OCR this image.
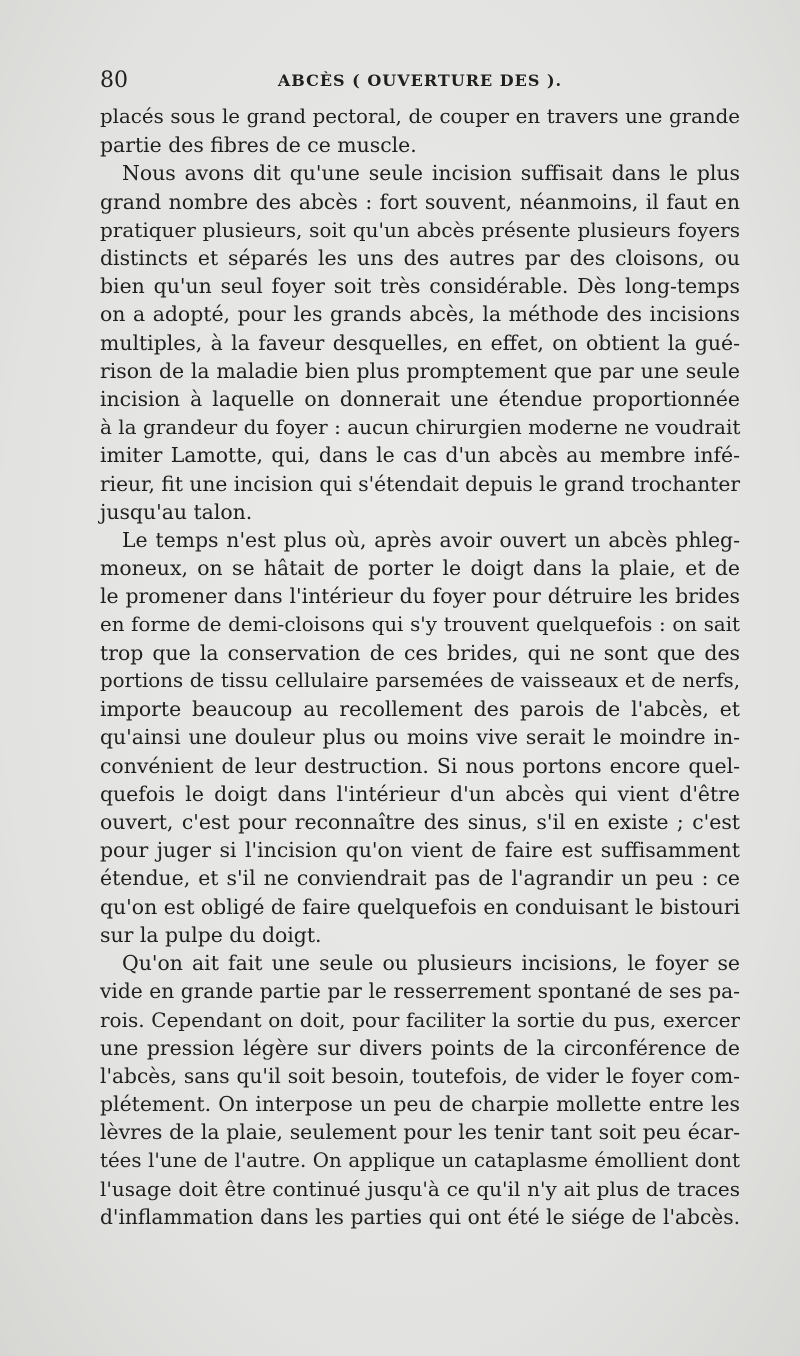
80	ABCÈS ( OUVERTURE DES ).

placés sous le grand pectoral, de couper en travers une grande
partie des fibres de ce muscle.

Nous avons dit qu'une seule incision suffisait dans le plus
grand nombre des abcès : fort souvent, néanmoins, il faut en
pratiquer plusieurs, soit qu'un abcès présente plusieurs foyers
distincts et séparés les uns des autres par des cloisons, ou
bien qu'un seul foyer soit très considérable. Dès long-temps
on a adopté, pour les grands abcès, la méthode des incisions
multiples, à la faveur desquelles, en effet, on obtient la gué-
rison de la maladie bien plus promptement que par une seule
incision à laquelle on donnerait une étendue proportionnée
à la grandeur du foyer : aucun chirurgien moderne ne voudrait
imiter Lamotte, qui, dans le cas d'un abcès au membre infé-
rieur, fit une incision qui s'étendait depuis le grand trochanter
jusqu'au talon.

Le temps n'est plus où, après avoir ouvert un abcès phleg-
moneux, on se hâtait de porter le doigt dans la plaie, et de
le promener dans l'intérieur du foyer pour détruire les brides
en forme de demi-cloisons qui s'y trouvent quelquefois : on sait
trop que la conservation de ces brides, qui ne sont que des
portions de tissu cellulaire parsemées de vaisseaux et de nerfs,
importe beaucoup au recollement des parois de l'abcès, et
qu'ainsi une douleur plus ou moins vive serait le moindre in-
convénient de leur destruction. Si nous portons encore quel-
quefois le doigt dans l'intérieur d'un abcès qui vient d'être
ouvert, c'est pour reconnaître des sinus, s'il en existe ; c'est
pour juger si l'incision qu'on vient de faire est suffisamment
étendue, et s'il ne conviendrait pas de l'agrandir un peu : ce
qu'on est obligé de faire quelquefois en conduisant le bistouri
sur la pulpe du doigt.

Qu'on ait fait une seule ou plusieurs incisions, le foyer se
vide en grande partie par le resserrement spontané de ses pa-
rois. Cependant on doit, pour faciliter la sortie du pus, exercer
une pression légère sur divers points de la circonférence de
l'abcès, sans qu'il soit besoin, toutefois, de vider le foyer com-
plétement. On interpose un peu de charpie mollette entre les
lèvres de la plaie, seulement pour les tenir tant soit peu écar-
tées l'une de l'autre. On applique un cataplasme émollient dont
l'usage doit être continué jusqu'à ce qu'il n'y ait plus de traces
d'inflammation dans les parties qui ont été le siége de l'abcès.
